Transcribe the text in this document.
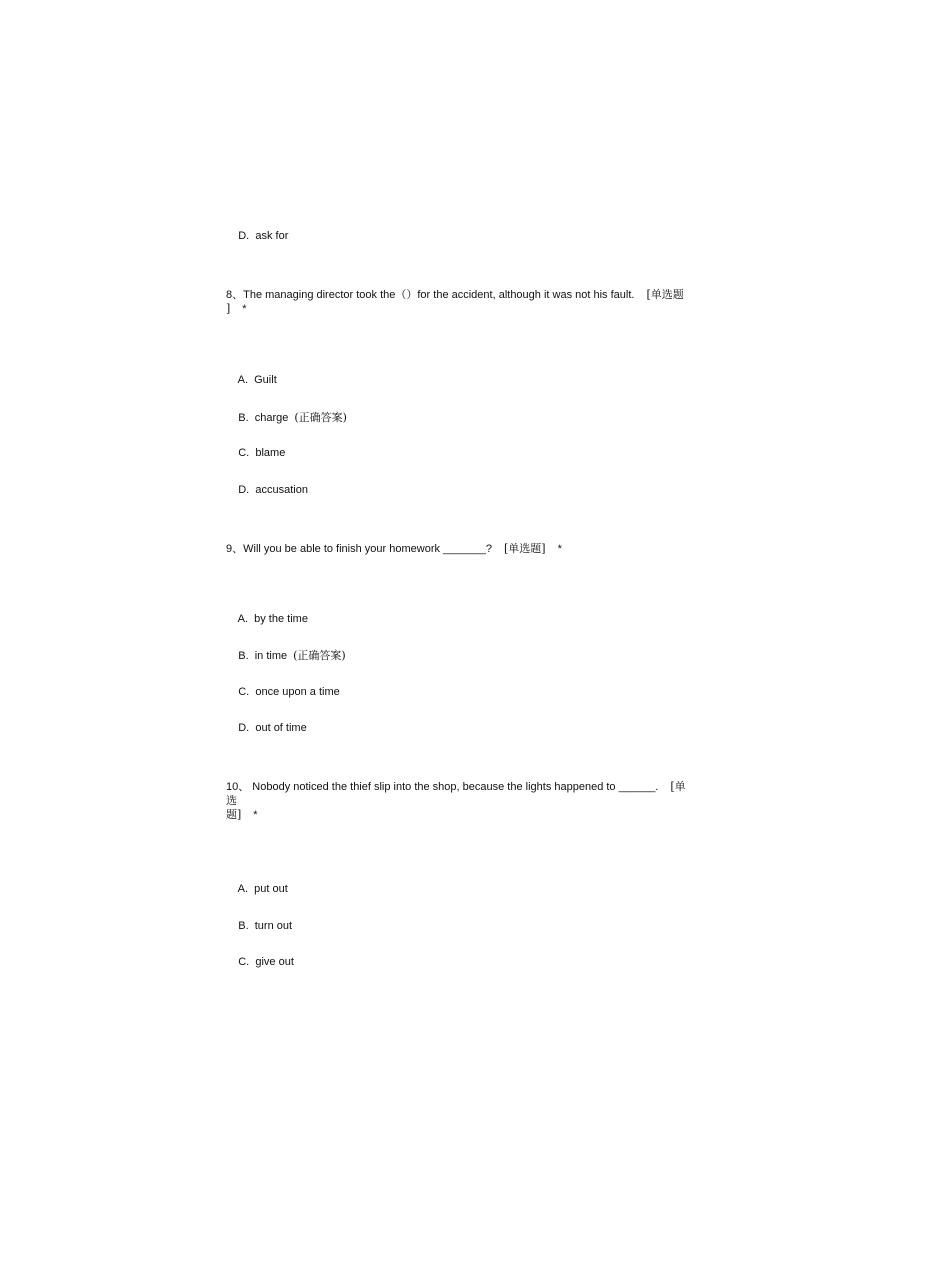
D.  ask for

8、The managing director took the（）for the accident, although it was not his fault. [单选题
] *

A.  Guilt

B.  charge (正确答案)

C.  blame

D.  accusation

9、Will you be able to finish your homework _______? [单选题] *

A.  by the time

B.  in time (正确答案)

C.  once upon a time

D.  out of time

10、 Nobody noticed the thief slip into the shop, because the lights happened to ______. [单
选
题] *

A.  put out

B.  turn out

C.  give out
